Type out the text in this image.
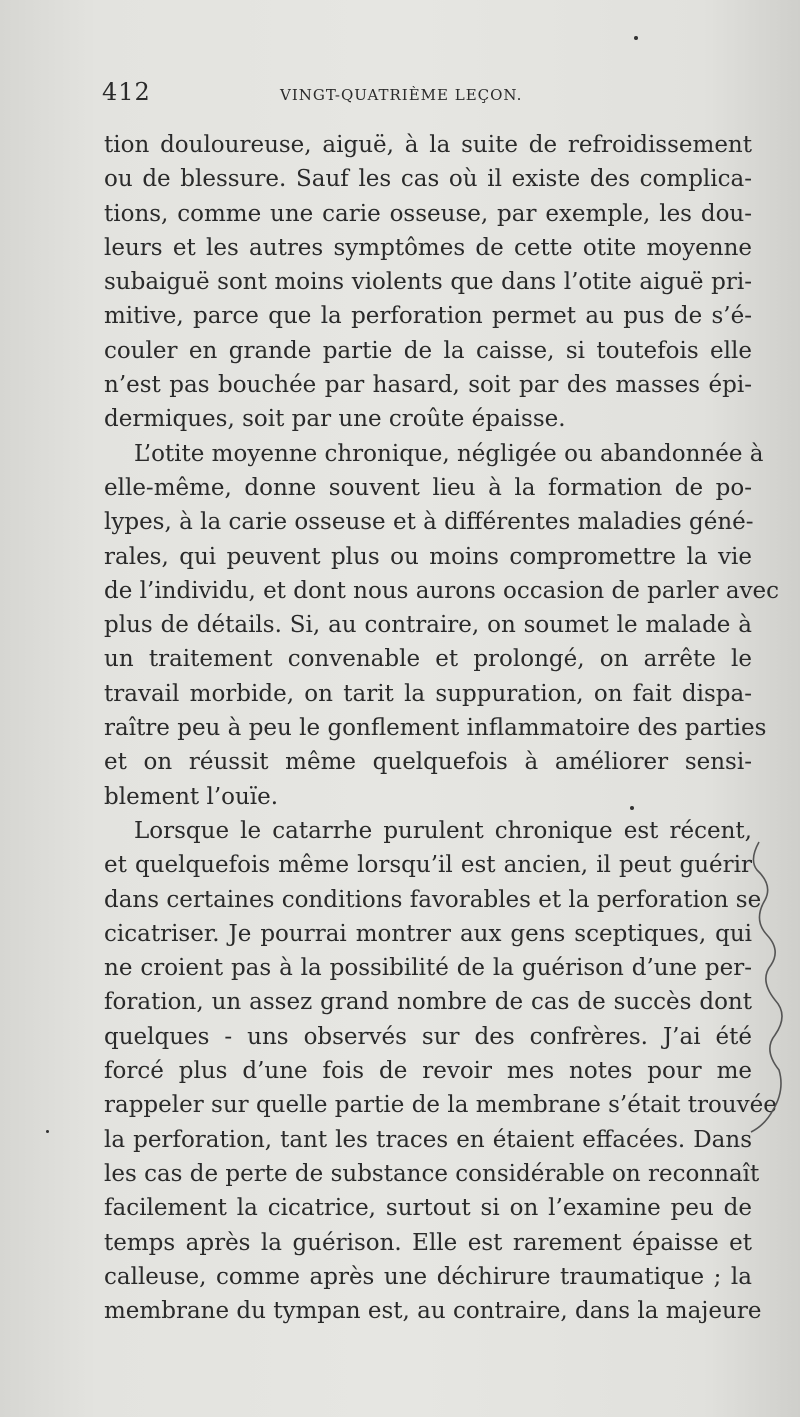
412	VINGT-QUATRIÈME LEÇON.
tion douloureuse, aiguë, à la suite de refroidissement
ou de blessure. Sauf les cas où il existe des complica-
tions, comme une carie osseuse, par exemple, les dou-
leurs et les autres symptômes de cette otite moyenne
subaiguë sont moins violents que dans l’otite aiguë pri-
mitive, parce que la perforation permet au pus de s’é-
couler en grande partie de la caisse, si toutefois elle
n’est pas bouchée par hasard, soit par des masses épi-
dermiques, soit par une croûte épaisse.
L’otite moyenne chronique, négligée ou abandonnée à
elle-même, donne souvent lieu à la formation de po-
lypes, à la carie osseuse et à différentes maladies géné-
rales, qui peuvent plus ou moins compromettre la vie
de l’individu, et dont nous aurons occasion de parler avec
plus de détails. Si, au contraire, on soumet le malade à
un traitement convenable et prolongé, on arrête le
travail morbide, on tarit la suppuration, on fait dispa-
raître peu à peu le gonflement inflammatoire des parties
et on réussit même quelquefois à améliorer sensi-
blement l’ouïe.
Lorsque le catarrhe purulent chronique est récent,
et quelquefois même lorsqu’il est ancien, il peut guérir
dans certaines conditions favorables et la perforation se
cicatriser. Je pourrai montrer aux gens sceptiques, qui
ne croient pas à la possibilité de la guérison d’une per-
foration, un assez grand nombre de cas de succès dont
quelques - uns observés sur des confrères. J’ai été
forcé plus d’une fois de revoir mes notes pour me
rappeler sur quelle partie de la membrane s’était trouvée
la perforation, tant les traces en étaient effacées. Dans
les cas de perte de substance considérable on reconnaît
facilement la cicatrice, surtout si on l’examine peu de
temps après la guérison. Elle est rarement épaisse et
calleuse, comme après une déchirure traumatique ; la
membrane du tympan est, au contraire, dans la majeure
